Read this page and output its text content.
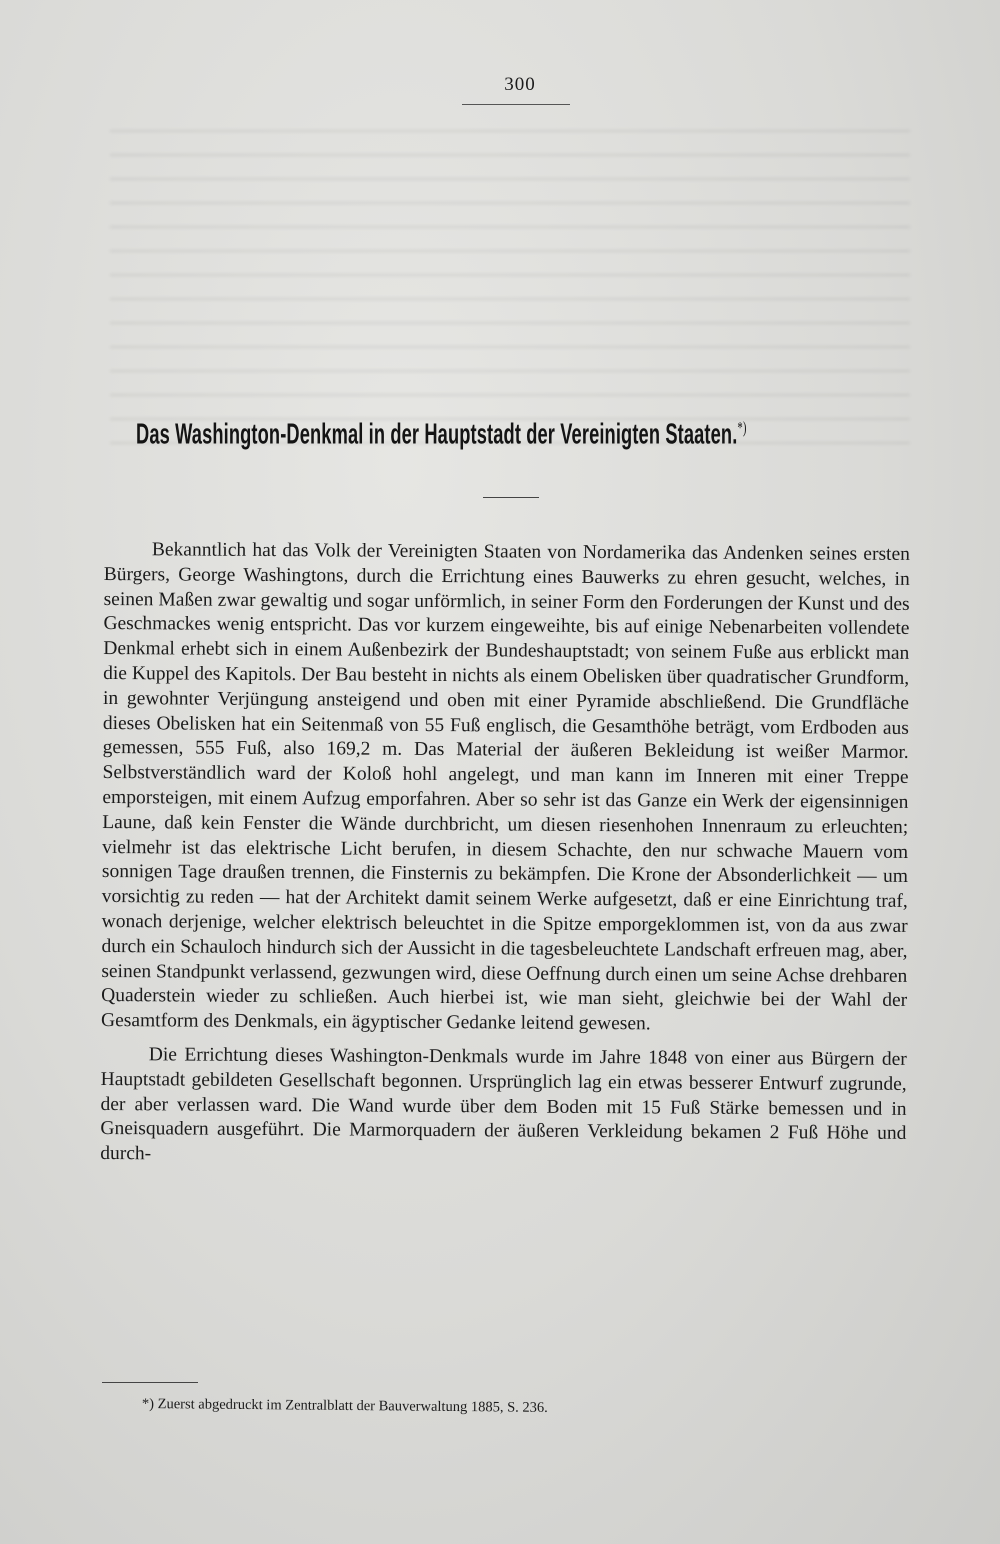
300
Das Washington-Denkmal in der Hauptstadt der Vereinigten Staaten.*)

Bekanntlich hat das Volk der Vereinigten Staaten von Nordamerika das Andenken seines ersten Bürgers, George Washingtons, durch die Errichtung eines Bauwerks zu ehren gesucht, welches, in seinen Maßen zwar gewaltig und sogar unförmlich, in seiner Form den Forderungen der Kunst und des Geschmackes wenig entspricht. Das vor kurzem eingeweihte, bis auf einige Nebenarbeiten vollendete Denkmal erhebt sich in einem Außenbezirk der Bundeshauptstadt; von seinem Fuße aus erblickt man die Kuppel des Kapitols. Der Bau besteht in nichts als einem Obelisken über quadratischer Grundform, in gewohnter Verjüngung ansteigend und oben mit einer Pyramide abschließend. Die Grundfläche dieses Obelisken hat ein Seitenmaß von 55 Fuß englisch, die Gesamthöhe beträgt, vom Erdboden aus gemessen, 555 Fuß, also 169,2 m. Das Material der äußeren Bekleidung ist weißer Marmor. Selbstverständlich ward der Koloß hohl angelegt, und man kann im Inneren mit einer Treppe emporsteigen, mit einem Aufzug emporfahren. Aber so sehr ist das Ganze ein Werk der eigensinnigen Laune, daß kein Fenster die Wände durchbricht, um diesen riesenhohen Innenraum zu erleuchten; vielmehr ist das elektrische Licht berufen, in diesem Schachte, den nur schwache Mauern vom sonnigen Tage draußen trennen, die Finsternis zu bekämpfen. Die Krone der Absonderlichkeit — um vorsichtig zu reden — hat der Architekt damit seinem Werke aufgesetzt, daß er eine Einrichtung traf, wonach derjenige, welcher elektrisch beleuchtet in die Spitze emporgeklommen ist, von da aus zwar durch ein Schauloch hindurch sich der Aussicht in die tagesbeleuchtete Landschaft erfreuen mag, aber, seinen Standpunkt verlassend, gezwungen wird, diese Oeffnung durch einen um seine Achse drehbaren Quaderstein wieder zu schließen. Auch hierbei ist, wie man sieht, gleichwie bei der Wahl der Gesamtform des Denkmals, ein ägyptischer Gedanke leitend gewesen.

Die Errichtung dieses Washington-Denkmals wurde im Jahre 1848 von einer aus Bürgern der Hauptstadt gebildeten Gesellschaft begonnen. Ursprünglich lag ein etwas besserer Entwurf zugrunde, der aber verlassen ward. Die Wand wurde über dem Boden mit 15 Fuß Stärke bemessen und in Gneisquadern ausgeführt. Die Marmorquadern der äußeren Verkleidung bekamen 2 Fuß Höhe und durch-

*) Zuerst abgedruckt im Zentralblatt der Bauverwaltung 1885, S. 236.
